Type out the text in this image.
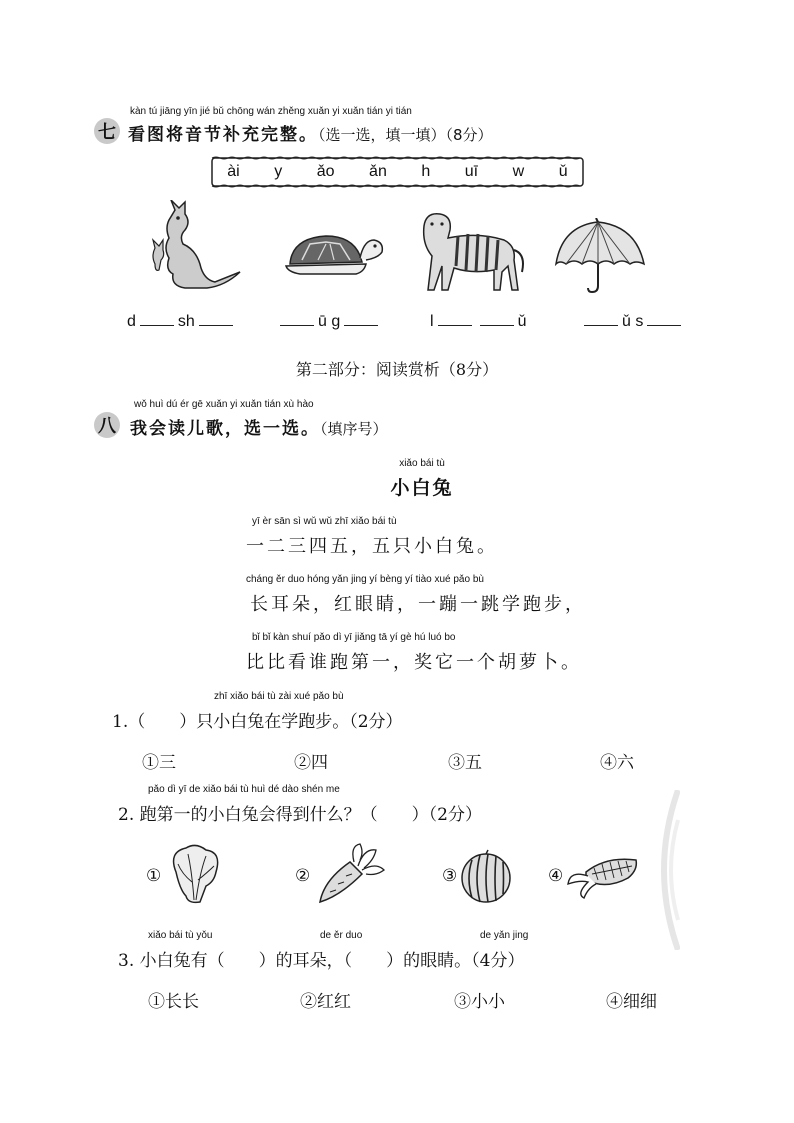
kàn tú jiāng yīn jié bǔ chōng wán zhěng xuǎn yi xuǎn tián yi tián
七 看图将音节补充完整。（选一选，填一填）（8分）
ài y ǎo ǎn h uī w ǔ
d	sh	ū g	l	ǔ	ǔ s
第二部分：阅读赏析（8分）
wǒ huì dú ér gē xuǎn yi xuǎn tián xù hào
八 我会读儿歌，选一选。（填序号）
xiǎo bái tù
小白兔
yī èr sān sì wǔ wǔ zhī xiǎo bái tù
一二三四五，五只小白兔。
cháng ěr duo hóng yǎn jing yí bèng yí tiào xué pǎo bù
长耳朵，红眼睛，一蹦一跳学跑步，
bǐ bǐ kàn shuí pǎo dì yī jiǎng tā yí gè hú luó bo
比比看谁跑第一，奖它一个胡萝卜。
zhī xiǎo bái tù zài xué pǎo bù
1.（　　）只小白兔在学跑步。（2分）
①三	②四	③五	④六
pǎo dì yī de xiǎo bái tù huì dé dào shén me
2. 跑第一的小白兔会得到什么？（　　）（2分）
①	②	③	④
xiǎo bái tù yǒu	de ěr duo	de yǎn jing
3. 小白兔有（　　）的耳朵，（　　）的眼睛。（4分）
①长长	②红红	③小小	④细细
